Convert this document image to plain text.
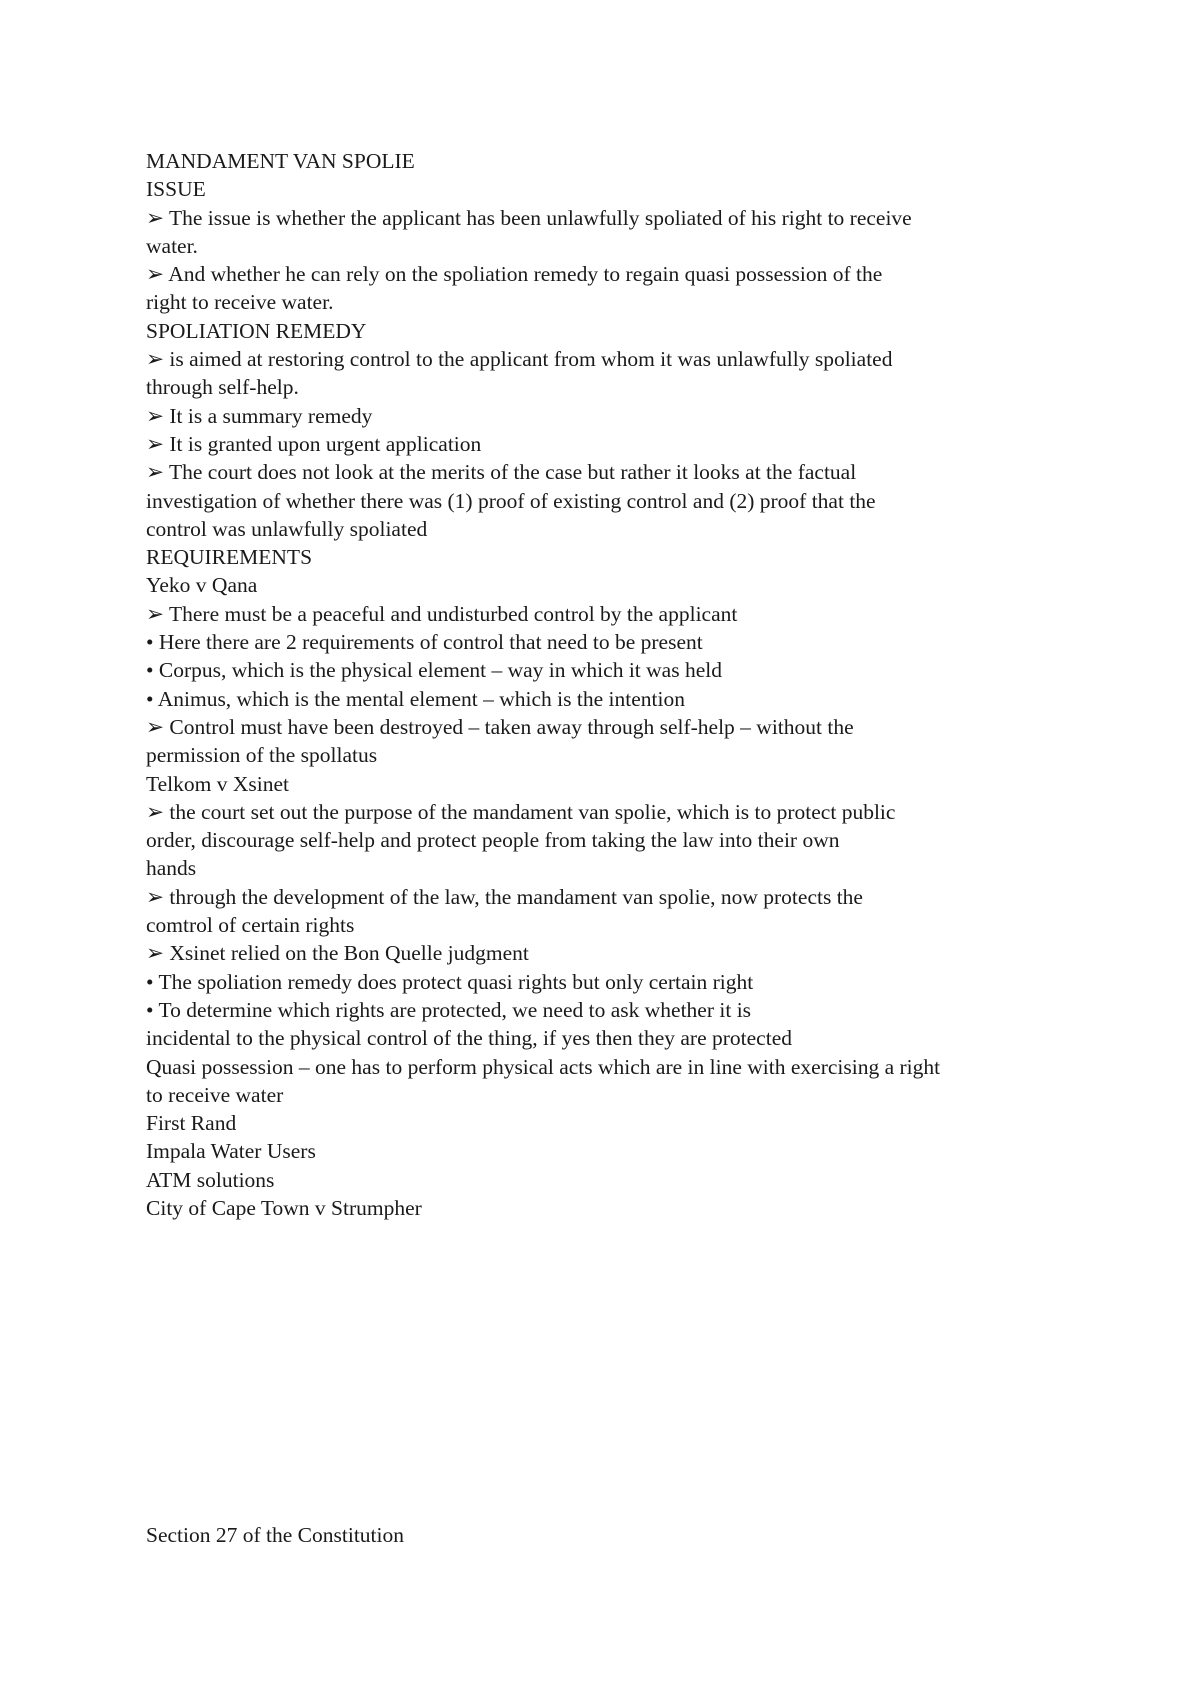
MANDAMENT VAN SPOLIE

ISSUE

➢ The issue is whether the applicant has been unlawfully spoliated of his right to receive

water.

➢ And whether he can rely on the spoliation remedy to regain quasi possession of the

right to receive water.

SPOLIATION REMEDY

➢ is aimed at restoring control to the applicant from whom it was unlawfully spoliated

through self-help.

➢ It is a summary remedy

➢ It is granted upon urgent application

➢ The court does not look at the merits of the case but rather it looks at the factual

investigation of whether there was (1) proof of existing control and (2) proof that the

control was unlawfully spoliated

REQUIREMENTS

Yeko v Qana

➢ There must be a peaceful and undisturbed control by the applicant

• Here there are 2 requirements of control that need to be present

• Corpus, which is the physical element – way in which it was held

• Animus, which is the mental element – which is the intention

➢ Control must have been destroyed – taken away through self-help – without the

permission of the spollatus

Telkom v Xsinet

➢ the court set out the purpose of the mandament van spolie, which is to protect public

order, discourage self-help and protect people from taking the law into their own

hands

➢ through the development of the law, the mandament van spolie, now protects the

comtrol of certain rights

➢ Xsinet relied on the Bon Quelle judgment

• The spoliation remedy does protect quasi rights but only certain right

• To determine which rights are protected, we need to ask whether it is

incidental to the physical control of the thing, if yes then they are protected

Quasi possession – one has to perform physical acts which are in line with exercising a right

to receive water

First Rand

Impala Water Users

ATM solutions

City of Cape Town v Strumpher

Section 27 of the Constitution
